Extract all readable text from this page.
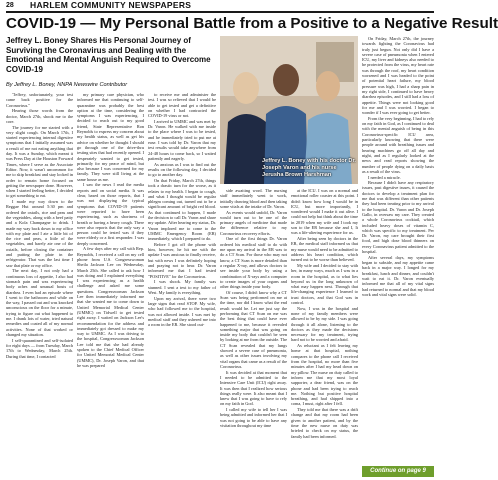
28	HARLEM COMMUNITY NEWSPAPERS
COVID-19 — My Personal Battle from a Positive to a Negative Result
Jeffrey L. Boney Shares His Personal Journey of Surviving the Coronavirus and Dealing with the Emotional and Mental Anguish Required to Overcome COVID-19
By Jeffrey L. Boney, NNPA Newswire Contributor

"Jeffrey, unfortunately, your test came back positive for the Coronavirus."

Hearing those words from the doctor, March 27th, shook me to the core.

The journey for me started with a very slight cough. On March 17th, I started experiencing internal digestive symptoms that I initially assumed was a result of me not eating anything that day. It was a Sunday, which meant it was Press Day at the Houston Forward Times, where I serve as the Associate Editor. Now, it wasn't uncommon for me to skip breakfast and stay locked in order to remain home focused on getting the newspaper done. However, when I started feeling better, I decided to get something to eat.

I made my way down to the Reggae Hut around 5:30 pm and ordered the oxtails, rice and peas and the vegetables, along with a beef patty and a Kola Champagne to drink. I made my way back down to my office with my plate and I ate a little bit of the rice and peas, a little of the vegetables, and barely ate one of the oxtails, before closing the container and putting the plate in the refrigerator. That was the last time I saw that plate or my office.

The next day, I not only had a continuous loss of appetite, I also had stomach pain and was experiencing body aches and unusual bouts of diarrhea. I even had an episode where I went to the bathroom and while on the way, I passed out and was knocked unconscious on the floor for a minute, trying to figure out what happened to me. I drank lots of water, tried natural remedies and coated all of my normal activities. None of that worked or changed my situation.

I self-quarantined and self-isolated for eight days — from Tuesday, March 17th to Wednesday, March 25th. During that time, I contacted

my primary care physician, who informed me that continuing to self-quarantine was probably the best option at the time, considering the symptoms I was experiencing. I decided to reach out to my good friend, State Representative Ron Reynolds to express my concern about my health status, as well as get his advice on whether he thought I should go through one of the drive-thru testing sites that had recently opened. I desperately wanted to get tested, primarily for my peace of mind, but also because I was concerned for my family. They were still living at the same house as me.

I saw the news I read the media reports and on social media. It was clear, based on those reports, that I was not displaying the typical symptoms that COVID-19 patients were reported to have been experiencing, such as shortness of breath or having a heavy cough. There were also reports that the only way a person could be tested was if they were elderly or a first responder. I was deeply concerned.

A few days after my call with Rep. Reynolds, I received a call on my cell phone from U.S. Congresswoman Sheila Jackson Lee on Wednesday, March 25th. She called to ask how I was doing and I explained everything I was experiencing as a health challenge and asked me some questions. Congresswoman Jackson Lee then immediately informed me that she wanted me to come down to United Memorial Medical Center (UMMC) on Tidwell to get tested right away. I waited on Jackson Lee's recommendation for the address and immediately got dressed to make my way to UMMC. As I was driving to the hospital, Congresswoman Jackson Lee told me that she had already spoken to the Chief Medical Officer for United Memorial Medical Center (UMMC), Dr. Joseph Varon, and that he was prepared

to receive me and administer the test. I was so relieved that I would be able to get tested and get a definitive on whether I had contracted the COVID-19 virus or not.

I arrived to UMMC and was met by Dr. Varon. He walked with me inside to the place where I was to be tested, and he immediately tried to put me at ease. I was told by Dr. Varon that my test results would take anywhere from 24-48 hours to come back, so I waited patiently and eagerly.

As anxious as I was to find out the results on the following day, I decided to go to another day.

On that Friday, March 27th, things took a drastic turn for the worse, as it relates to my health. I began to cough, and what I thought would be regular phlegm coming out, turned out to be a significant amount of bright red blood. As that continued to happen, I made the decision to call Dr. Varon and share my update. After hearing my status, Dr. Varon implored me to come to the UMMC Emergency Room (ER) immediately, which I prepared to do.

Before I got off the phone with him, however, he hit me with the update I was anxious to finally receive, but with news I was definitely hoping and praying not to hear. Dr. Varon informed me that I had tested "POSITIVE" for the Coronavirus.

I was shook. My family was stunned. I sent a text to my father of West. My family is everything.

Upon my arrival, there were two large signs that read STOP. My wife, who had followed me to the hospital, was not allowed inside. I was met by medical staff and they ushered me into a room in the ER. She stood out-

Jeffrey L. Boney with his doctor Dr. Joseph Varon and his nurse Jerusha Brown Harshman

side awaiting word. The nursing staff immediately went to work, initially drawing blood and then taking some vitals at the intake of Dr. Varon.

As events would unfold, Dr. Varon would turn out to be one of the primary angels of medicine that made the difference relative to my Coronavirus recovery efforts.

One of the first things Dr. Varon ordered his medical staff to do with me upon my arrival in the ER was to do a CT Scan. For those who may not know, a CT Scan is more detailed than a regular X-ray, and allows doctors to see inside your body by using a combination of X-rays and a computer to create images of your organs and other things inside your body.

Of course, I didn't know why a CT Scan was being performed on me at the time, nor did I know what the end result would be. Let me just say the performing that CT Scan on me was the best thing that could have ever happened to me, because it revealed something major that was going on inside my body that couldn't be seen by looking at me from the outside. The CT Scan revealed that my lungs showed a severe case of pneumonia, as well as other issues involving my vital organs that came as a result of the Coronavirus.

It was decided at that moment that I needed to be admitted to the Intensive Care Unit (ICU) right away. It was then that I realized how serious things really were. It also meant that I knew that I was going to have to rely on my faith in God.

I called my wife to tell her I was being admitted and informed her that I was not going to be able to have any visitation throughout my time

at the ICU. I was on a normal and emotional roller coaster at this point. I didn't know how long I would be in ICU, but more importantly, I wondered would I make it out alive. I could not help but think about the time in 2019 when my wife and I took my son to the ER because she and I, It was a life-altering experience for us.

After being seen by doctors in the ER, the medical staff informed us that my nurse would need to be admitted to address his heart condition, which turned out to be worse than believed.

My wife and I decided to stay with her, in many ways, much as I was in a room in the hospital, as to what lies beyond us in the long unknown of what may happen next. Through that life-changing experience I learned to trust doctors, and that God was in control.

Now, I was in the hospital and none of my family members were allowed to be by my side. I was going through it all alone, listening to the doctors as they made the decisions necessary for my treatment, trying hard not to be worried and afraid.

As reluctant as I felt leaving my home at that hospital, nothing compares to the phone call I received from the hospital, no more than five minutes after I had my head down on my pillow. The nurse on duty called to inform me that my most loyal supporter, a dear friend, was on the phone and had been trying to reach me. Nothing but positive hospital breathing, and had shipped into a coma, I must, right after I fell.

They told me that there was a drift change and that my room had been given to another patient, and by the time the new nurse on duty was briefed to check on my status, the family had been informed.

On Friday, March 27th, the journey towards fighting the Coronavirus had truly just begun. Not only did I have a severe case of pneumonia when I entered ICU, my liver and kidneys also needed to be protected from the virus, my heart rate was through the roof, my heart condition worsened and I was headed to the point of potential heart failure, my blood pressure was high, I had a sharp pain in my right side, I continued to have heavy diarrhea episodes, and I still had a loss of appetite. Things were not looking good for me and I was worried. I began to wonder if I was ever going to get better.

From the very beginning, I had to rely on my faith in God, as I continued to deal with the mental anguish of being in this Coronavirus-specific ICU area, particularly knowing that there were people around with breathing issues and hearing machines go off all day and night, and as I regularly looked at the news and read reports showing the number of people dying on a daily basis as a result of the virus.

I needed a miracle.

Because I didn't have any respiratory issues, past digestive issues, it caused the doctors to develop a treatment plan for me that was different than other patients they had been treating prior to my arrival to the hospital. Dr. Varon and Dr. Joseph Gallo, in oversaw my care. They created a whole Coronavirus cocktail, which included heavy doses of vitamin C, which was specific to my treatment. Per Dr. Varon, my care brought their first food, and high dose blood thinners on every Coronavirus patient admitted to the hospital.

After several days, my symptoms began to subside, and my appetite came back in a major way. I longed for my breakfast, lunch and dinner, and couldn't wait to eat it. Dr. Varon eventually informed me that all of my vital signs had returned to normal and that my blood work and vital signs were solid.

Continue on page 9
